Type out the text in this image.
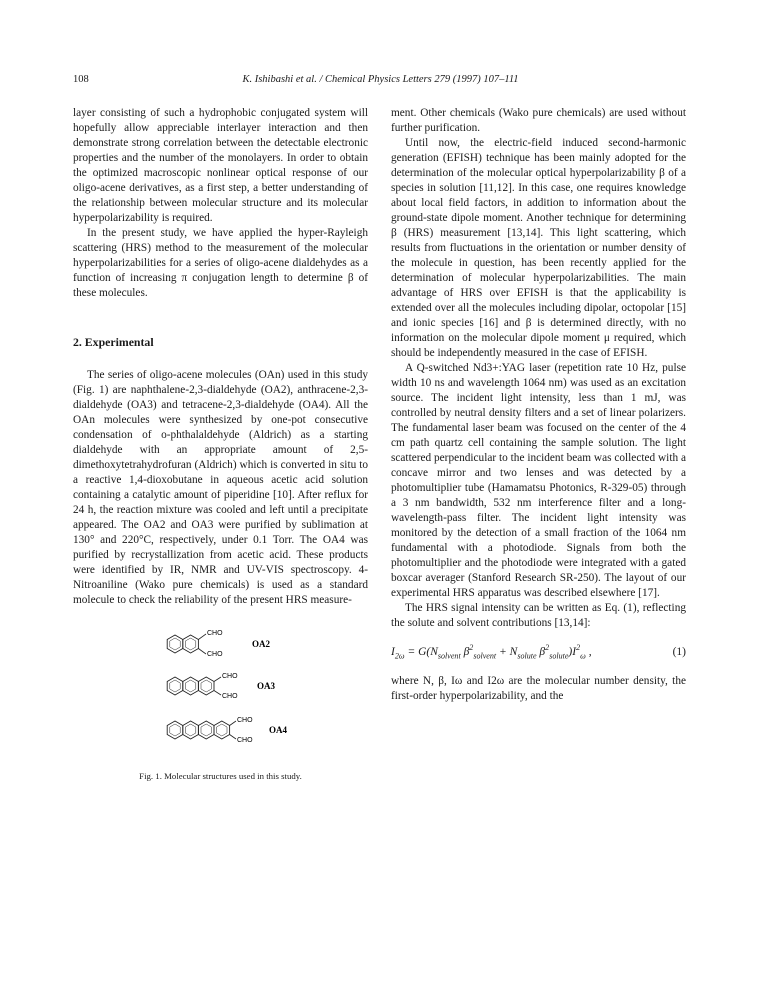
108	K. Ishibashi et al. / Chemical Physics Letters 279 (1997) 107–111

layer consisting of such a hydrophobic conjugated system will hopefully allow appreciable interlayer interaction and then demonstrate strong correlation between the detectable electronic properties and the number of the monolayers. In order to obtain the optimized macroscopic nonlinear optical response of our oligo-acene derivatives, as a first step, a better understanding of the relationship between molecular structure and its molecular hyperpolarizability is required.

In the present study, we have applied the hyper-Rayleigh scattering (HRS) method to the measurement of the molecular hyperpolarizabilities for a series of oligo-acene dialdehydes as a function of increasing π conjugation length to determine β of these molecules.

2. Experimental

The series of oligo-acene molecules (OAn) used in this study (Fig. 1) are naphthalene-2,3-dialdehyde (OA2), anthracene-2,3-dialdehyde (OA3) and tetracene-2,3-dialdehyde (OA4). All the OAn molecules were synthesized by one-pot consecutive condensation of o-phthalaldehyde (Aldrich) as a starting dialdehyde with an appropriate amount of 2,5-dimethoxytetrahydrofuran (Aldrich) which is converted in situ to a reactive 1,4-dioxobutane in aqueous acetic acid solution containing a catalytic amount of piperidine [10]. After reflux for 24 h, the reaction mixture was cooled and left until a precipitate appeared. The OA2 and OA3 were purified by sublimation at 130° and 220°C, respectively, under 0.1 Torr. The OA4 was purified by recrystallization from acetic acid. These products were identified by IR, NMR and UV-VIS spectroscopy. 4-Nitroaniline (Wako pure chemicals) is used as a standard molecule to check the reliability of the present HRS measure-

CHO
CHO
OA2
CHO
CHO
OA3
CHO
CHO
OA4
Fig. 1. Molecular structures used in this study.

ment. Other chemicals (Wako pure chemicals) are used without further purification.

Until now, the electric-field induced second-harmonic generation (EFISH) technique has been mainly adopted for the determination of the molecular optical hyperpolarizability β of a species in solution [11,12]. In this case, one requires knowledge about local field factors, in addition to information about the ground-state dipole moment. Another technique for determining β (HRS) measurement [13,14]. This light scattering, which results from fluctuations in the orientation or number density of the molecule in question, has been recently applied for the determination of molecular hyperpolarizabilities. The main advantage of HRS over EFISH is that the applicability is extended over all the molecules including dipolar, octopolar [15] and ionic species [16] and β is determined directly, with no information on the molecular dipole moment μ required, which should be independently measured in the case of EFISH.

A Q-switched Nd3+:YAG laser (repetition rate 10 Hz, pulse width 10 ns and wavelength 1064 nm) was used as an excitation source. The incident light intensity, less than 1 mJ, was controlled by neutral density filters and a set of linear polarizers. The fundamental laser beam was focused on the center of the 4 cm path quartz cell containing the sample solution. The light scattered perpendicular to the incident beam was collected with a concave mirror and two lenses and was detected by a photomultiplier tube (Hamamatsu Photonics, R-329-05) through a 3 nm bandwidth, 532 nm interference filter and a long-wavelength-pass filter. The incident light intensity was monitored by the detection of a small fraction of the 1064 nm fundamental with a photodiode. Signals from both the photomultiplier and the photodiode were integrated with a gated boxcar averager (Stanford Research SR-250). The layout of our experimental HRS apparatus was described elsewhere [17].

The HRS signal intensity can be written as Eq. (1), reflecting the solute and solvent contributions [13,14]:

$I_{2\omega} = G(N_{solvent}$ $\beta^2_{solvent} + N_{solute}$ $\beta^2_{solute})I^2_\omega$ ,	(1)

where N, β, Iω and I2ω are the molecular number density, the first-order hyperpolarizability, and the
